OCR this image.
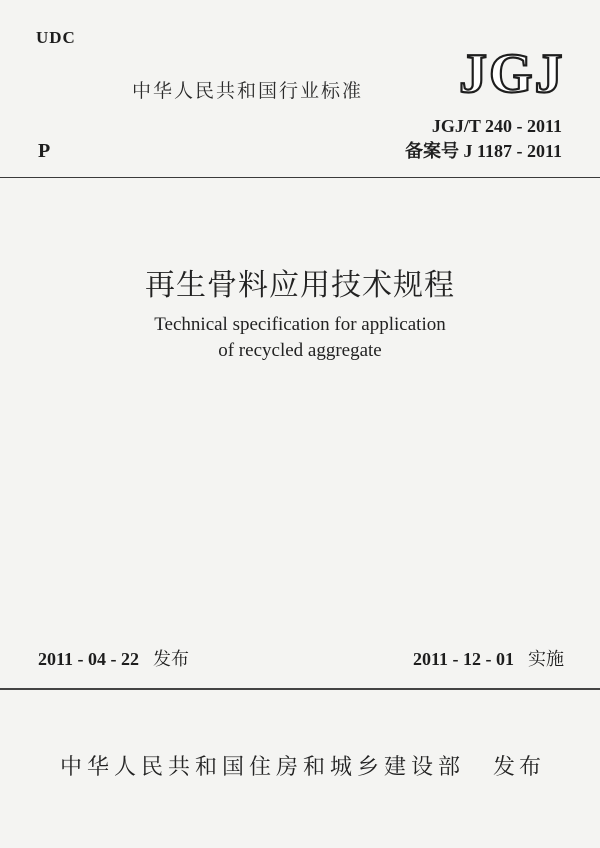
UDC
中华人民共和国行业标准 JGJ
JGJ/T 240 - 2011
备案号 J 1187 - 2011
P
再生骨料应用技术规程
Technical specification for application
of recycled aggregate
2011 - 04 - 22 发布	2011 - 12 - 01 实施
中华人民共和国住房和城乡建设部 发布
